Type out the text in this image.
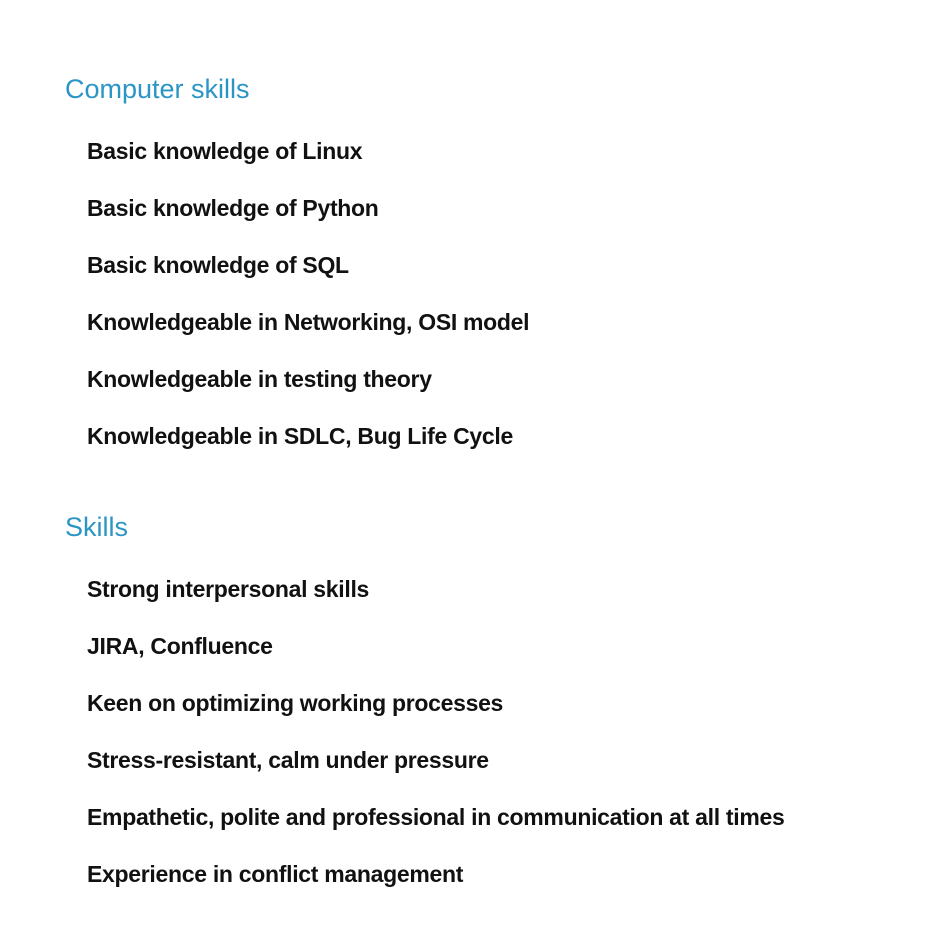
Computer skills
Basic knowledge of Linux
Basic knowledge of Python
Basic knowledge of SQL
Knowledgeable in Networking, OSI model
Knowledgeable in testing theory
Knowledgeable in SDLC, Bug Life Cycle
Skills
Strong interpersonal skills
JIRA, Confluence
Keen on optimizing working processes
Stress-resistant, calm under pressure
Empathetic, polite and professional in communication at all times
Experience in conflict management
